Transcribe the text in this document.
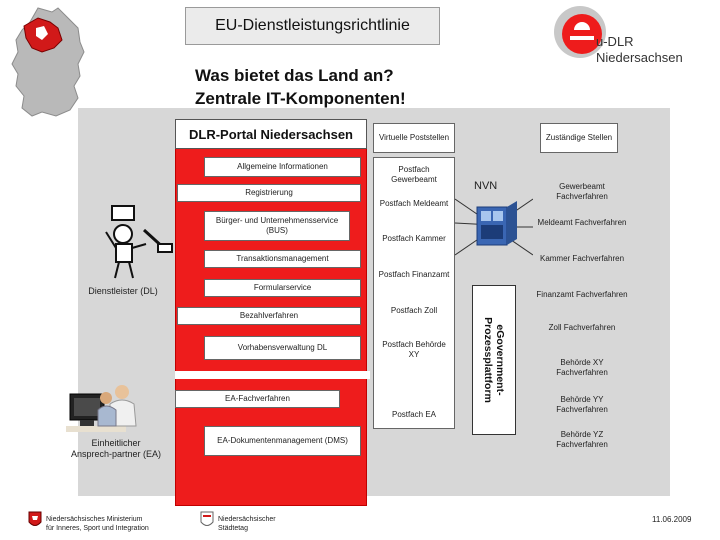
EU-Dienstleistungsrichtlinie
Was bietet das Land an?
Zentrale IT-Komponenten!
u-DLR
Niedersachsen
DLR-Portal Niedersachsen
Allgemeine Informationen
Registrierung
Bürger- und Unternehmensservice (BUS)
Transaktionsmanagement
Formularservice
Bezahlverfahren
Vorhabensverwaltung DL
EA-Fachverfahren
EA-Dokumentenmanagement (DMS)
Virtuelle Poststellen
Postfach Gewerbeamt
Postfach Meldeamt
Postfach Kammer
Postfach Finanzamt
Postfach Zoll
Postfach Behörde XY
Postfach EA
NVN
eGovernment-Prozessplattform
Zuständige Stellen
Gewerbeamt Fachverfahren
Meldeamt Fachverfahren
Kammer Fachverfahren
Finanzamt Fachverfahren
Zoll Fachverfahren
Behörde XY Fachverfahren
Behörde YY Fachverfahren
Behörde YZ Fachverfahren
Dienstleister (DL)
Einheitlicher Ansprech-partner (EA)
Niedersächsisches Ministerium
für Inneres, Sport und Integration
Niedersächsischer
Städtetag
11.06.2009
